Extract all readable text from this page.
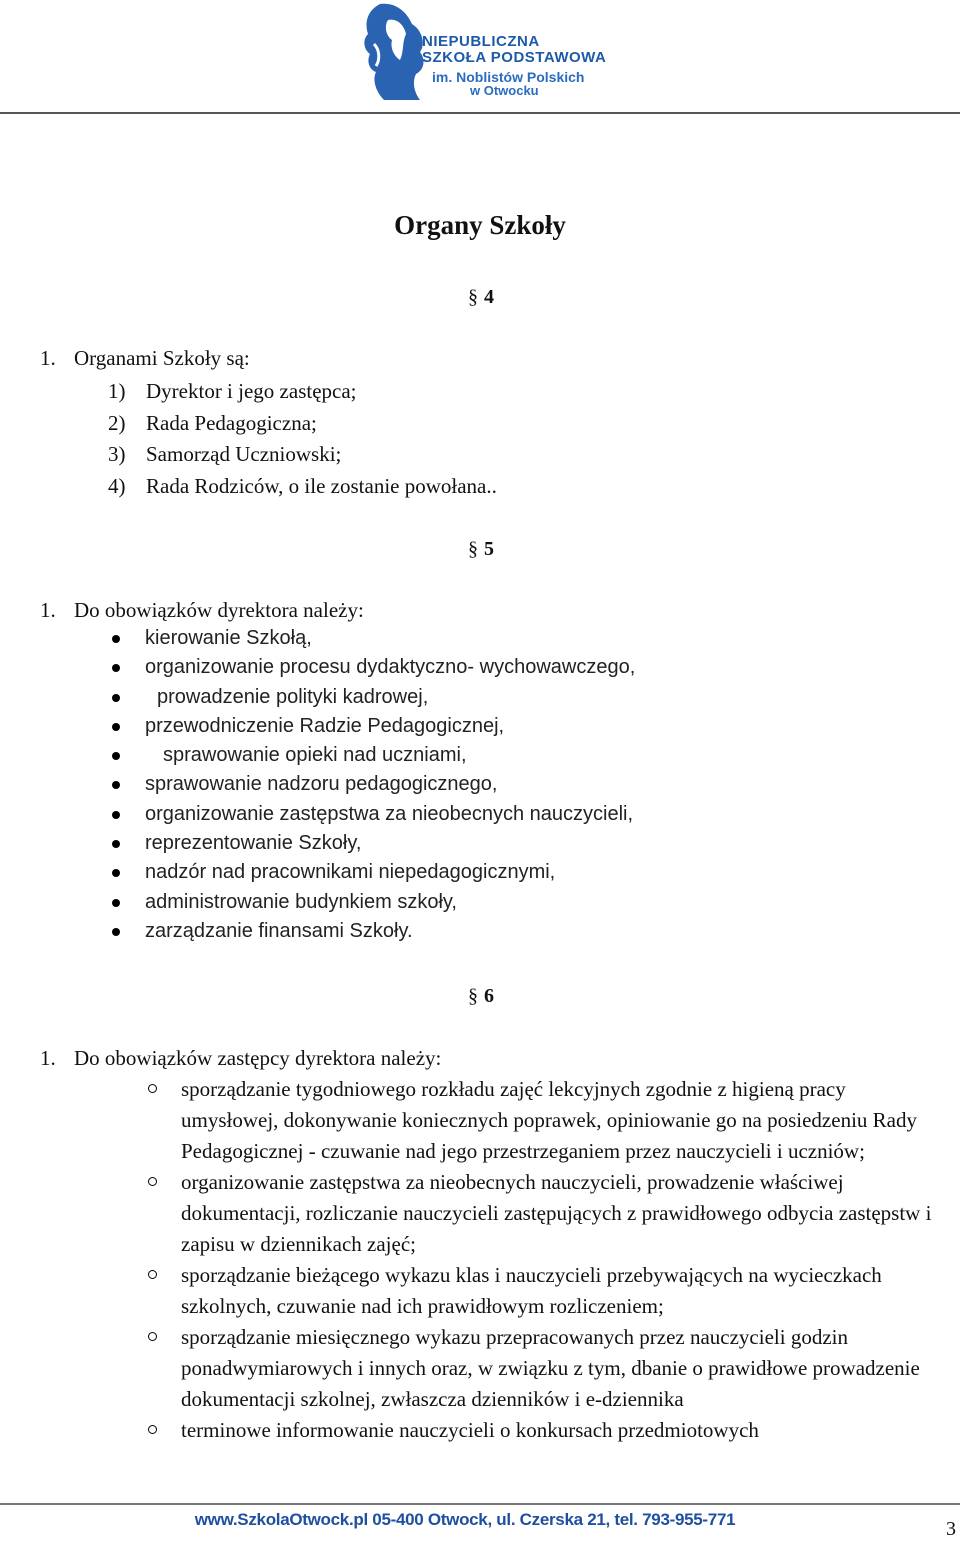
NIEPUBLICZNA
SZKOŁA PODSTAWOWA
im. Noblistów Polskich
w Otwocku
Organy Szkoły
§ 4
1. Organami Szkoły są:
1) Dyrektor i jego zastępca;
2) Rada Pedagogiczna;
3) Samorząd Uczniowski;
4) Rada Rodziców, o ile zostanie powołana..
§ 5
1. Do obowiązków dyrektora należy:
kierowanie Szkołą,
organizowanie procesu dydaktyczno- wychowawczego,
prowadzenie polityki kadrowej,
przewodniczenie Radzie Pedagogicznej,
sprawowanie opieki nad uczniami,
sprawowanie nadzoru pedagogicznego,
organizowanie zastępstwa za nieobecnych nauczycieli,
reprezentowanie Szkoły,
nadzór nad pracownikami niepedagogicznymi,
administrowanie budynkiem szkoły,
zarządzanie finansami Szkoły.
§ 6
1. Do obowiązków zastępcy dyrektora należy:
sporządzanie tygodniowego rozkładu zajęć lekcyjnych zgodnie z higieną pracy umysłowej, dokonywanie koniecznych poprawek, opiniowanie go na posiedzeniu Rady Pedagogicznej - czuwanie nad jego przestrzeganiem przez nauczycieli i uczniów;
organizowanie zastępstwa za nieobecnych nauczycieli, prowadzenie właściwej dokumentacji, rozliczanie nauczycieli zastępujących z prawidłowego odbycia zastępstw i zapisu w dziennikach zajęć;
sporządzanie bieżącego wykazu klas i nauczycieli przebywających na wycieczkach szkolnych, czuwanie nad ich prawidłowym rozliczeniem;
sporządzanie miesięcznego wykazu przepracowanych przez nauczycieli godzin ponadwymiarowych i innych oraz, w związku z tym, dbanie o prawidłowe prowadzenie dokumentacji szkolnej, zwłaszcza dzienników i e-dziennika
terminowe informowanie nauczycieli o konkursach przedmiotowych
www.SzkolaOtwock.pl 05-400 Otwock, ul. Czerska 21, tel. 793-955-771	3
